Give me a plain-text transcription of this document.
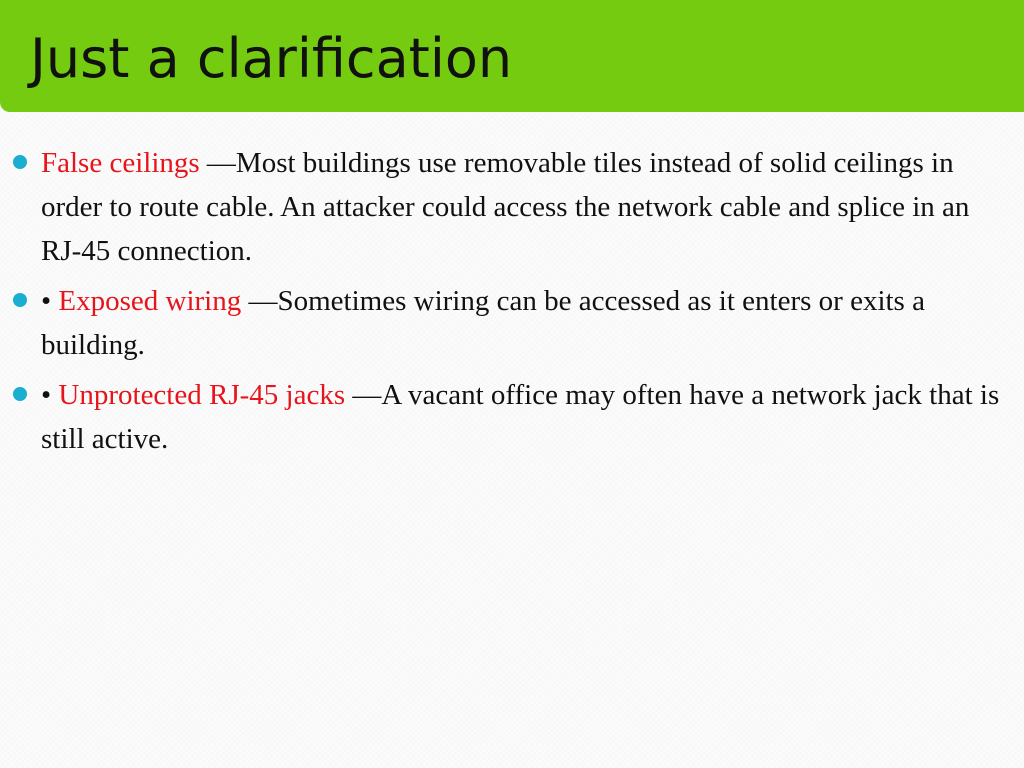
Just a clarification
False ceilings —Most buildings use removable tiles instead of solid ceilings in order to route cable. An attacker could access the network cable and splice in an RJ-45 connection.
• Exposed wiring —Sometimes wiring can be accessed as it enters or exits a building.
• Unprotected RJ-45 jacks —A vacant office may often have a network jack that is still active.
